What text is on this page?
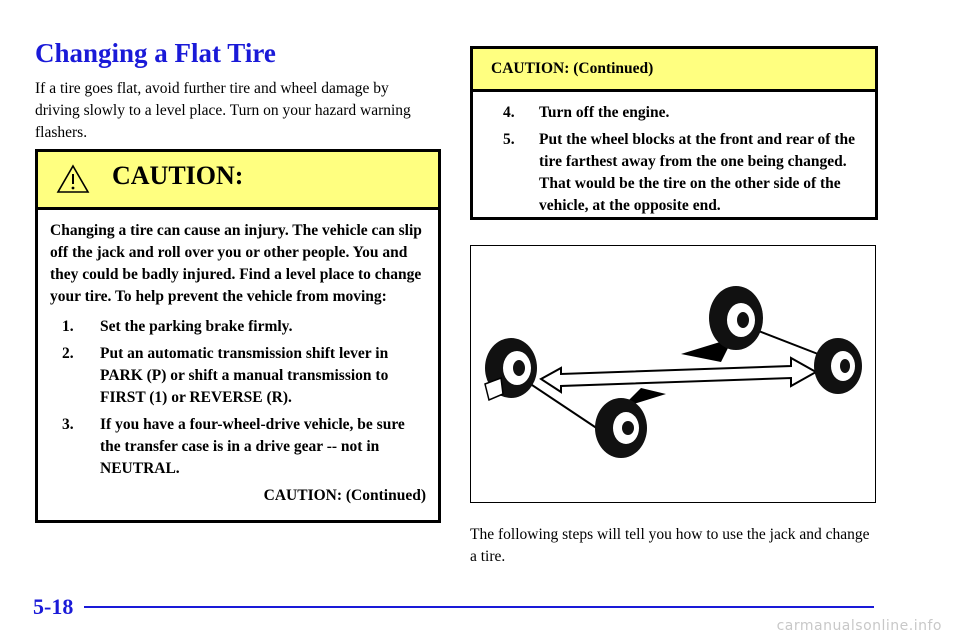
Changing a Flat Tire

If a tire goes flat, avoid further tire and wheel damage by driving slowly to a level place. Turn on your hazard warning flashers.

CAUTION:

Changing a tire can cause an injury. The vehicle can slip off the jack and roll over you or other people. You and they could be badly injured. Find a level place to change your tire. To help prevent the vehicle from moving:

1. Set the parking brake firmly.
2. Put an automatic transmission shift lever in PARK (P) or shift a manual transmission to FIRST (1) or REVERSE (R).
3. If you have a four-wheel-drive vehicle, be sure the transfer case is in a drive gear -- not in NEUTRAL.
CAUTION: (Continued)
CAUTION: (Continued)
4. Turn off the engine.
5. Put the wheel blocks at the front and rear of the tire farthest away from the one being changed. That would be the tire on the other side of the vehicle, at the opposite end.

The following steps will tell you how to use the jack and change a tire.

5-18
carmanualsonline.info
